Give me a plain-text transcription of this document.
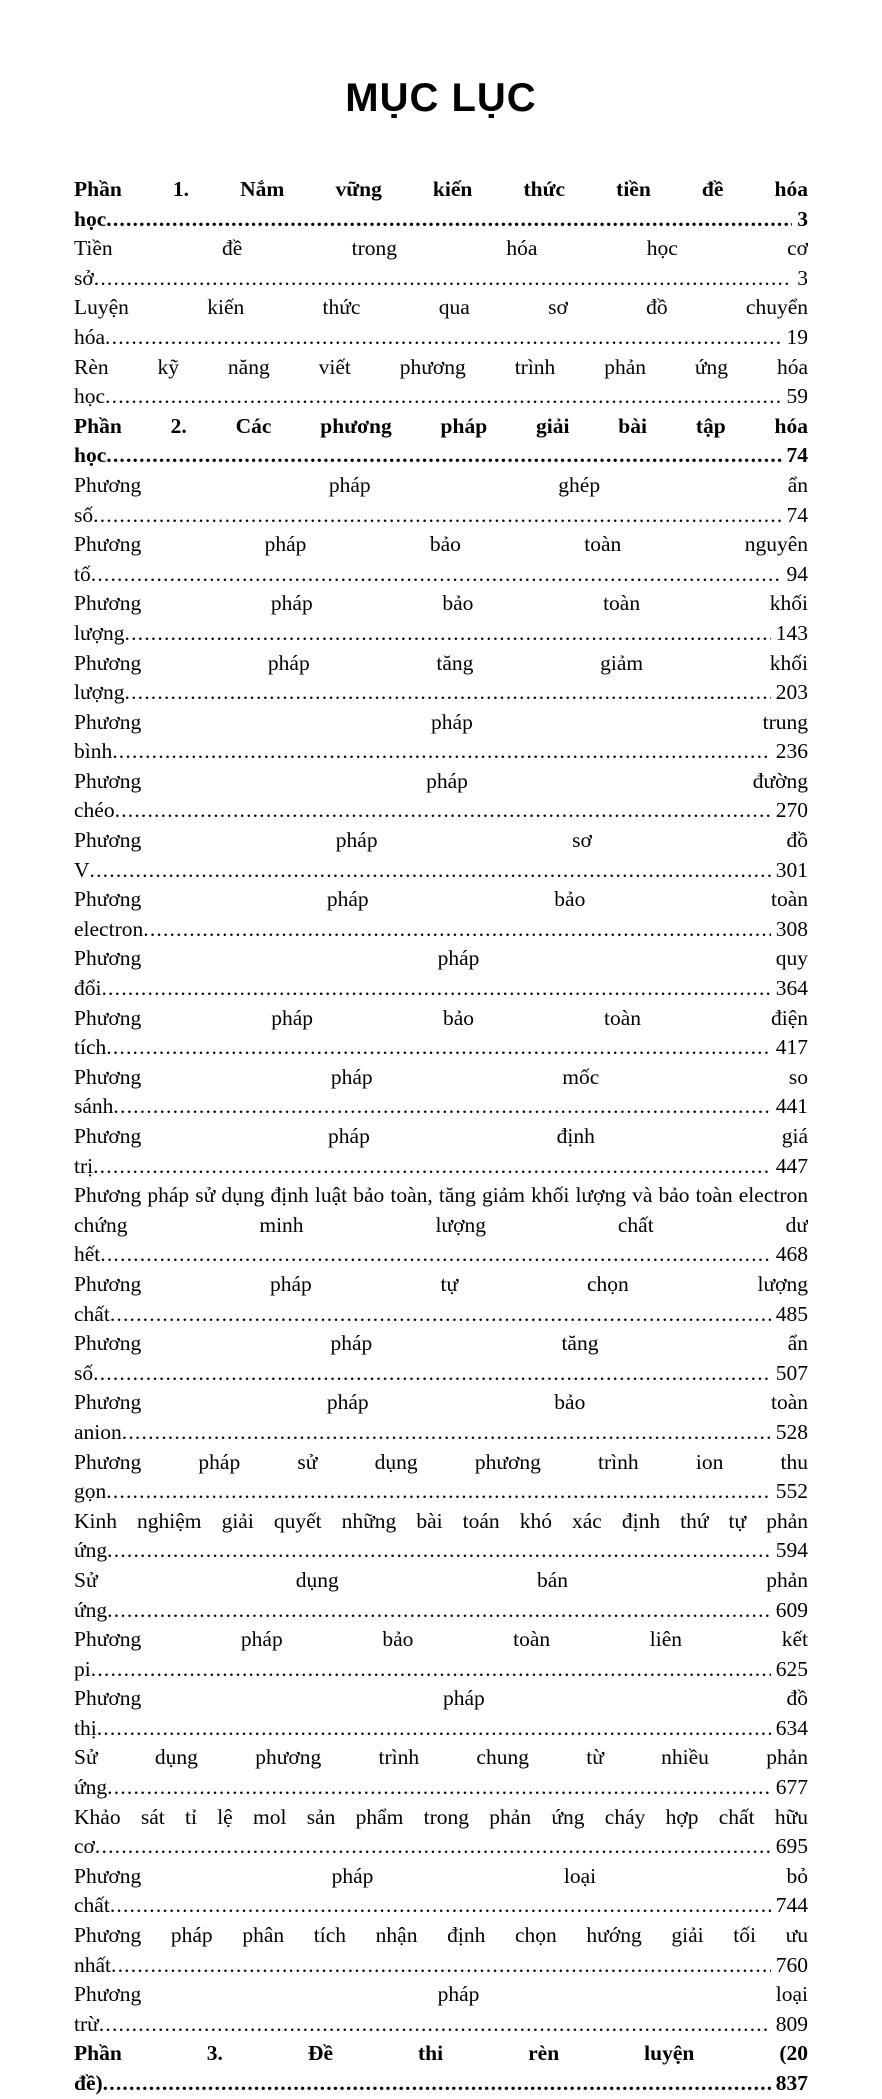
MỤC LỤC
Phần 1. Nắm vững kiến thức tiền đề hóa học .....	3
Tiền đề trong hóa học cơ sở .....	3
Luyện kiến thức qua sơ đồ chuyển hóa .....	19
Rèn kỹ năng viết phương trình phản ứng hóa học .....	59
Phần 2. Các phương pháp giải bài tập hóa học .....	74
Phương pháp ghép ẩn số .....	74
Phương pháp bảo toàn nguyên tố .....	94
Phương pháp bảo toàn khối lượng .....	143
Phương pháp tăng giảm khối lượng .....	203
Phương pháp trung bình .....	236
Phương pháp đường chéo .....	270
Phương pháp sơ đồ V .....	301
Phương pháp bảo toàn electron .....	308
Phương pháp quy đổi .....	364
Phương pháp bảo toàn điện tích .....	417
Phương pháp mốc so sánh .....	441
Phương pháp định giá trị .....	447
Phương pháp sử dụng định luật bảo toàn, tăng giảm khối lượng và bảo toàn electron chứng minh lượng chất dư hết .....	468
Phương pháp tự chọn lượng chất .....	485
Phương pháp tăng ẩn số .....	507
Phương pháp bảo toàn anion .....	528
Phương pháp sử dụng phương trình ion thu gọn .....	552
Kinh nghiệm giải quyết những bài toán khó xác định thứ tự phản ứng .....	594
Sử dụng bán phản ứng .....	609
Phương pháp bảo toàn liên kết pi .....	625
Phương pháp đồ thị .....	634
Sử dụng phương trình chung từ nhiều phản ứng .....	677
Khảo sát tỉ lệ mol sản phẩm trong phản ứng cháy hợp chất hữu cơ .....	695
Phương pháp loại bỏ chất .....	744
Phương pháp phân tích nhận định chọn hướng giải tối ưu nhất .....	760
Phương pháp loại trừ .....	809
Phần 3. Đề thi rèn luyện (20 đề) .....	837
